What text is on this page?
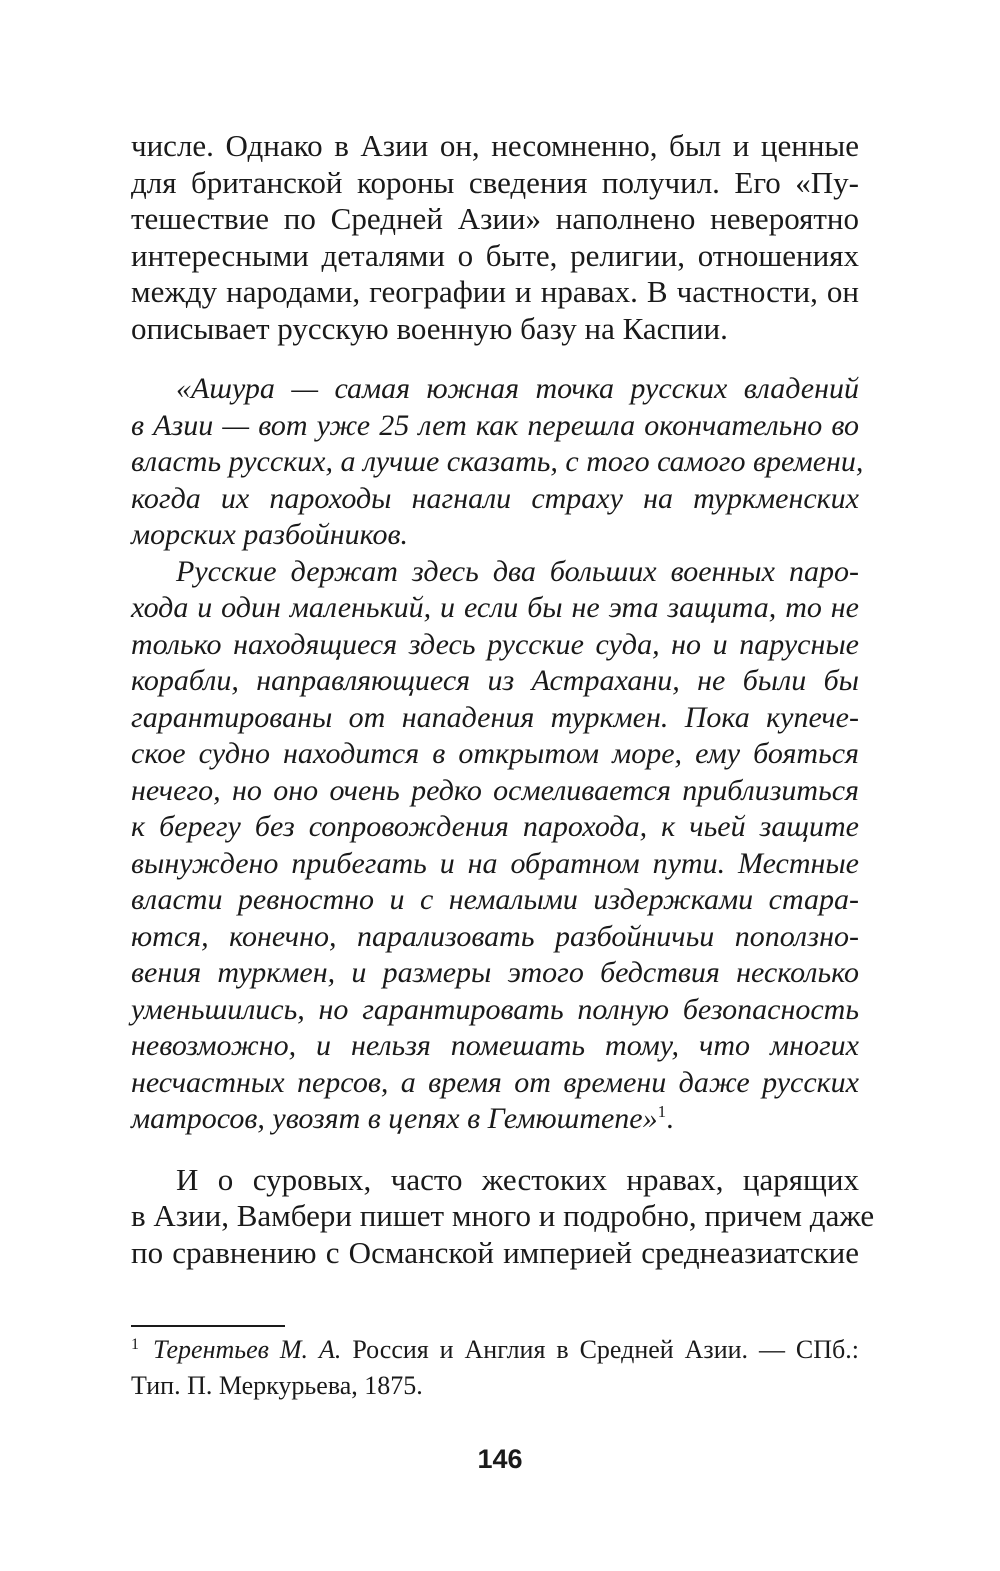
числе. Однако в Азии он, несомненно, был и ценные
для британской короны сведения получил. Его «Пу-
тешествие по Средней Азии» наполнено невероятно
интересными деталями о быте, религии, отношениях
между народами, географии и нравах. В частности, он
описывает русскую военную базу на Каспии.
«Ашура — самая южная точка русских владений
в Азии — вот уже 25 лет как перешла окончательно во
власть русских, а лучше сказать, с того самого времени,
когда их пароходы нагнали страху на туркменских
морских разбойников.
Русские держат здесь два больших военных паро-
хода и один маленький, и если бы не эта защита, то не
только находящиеся здесь русские суда, но и парусные
корабли, направляющиеся из Астрахани, не были бы
гарантированы от нападения туркмен. Пока купече-
ское судно находится в открытом море, ему бояться
нечего, но оно очень редко осмеливается приблизиться
к берегу без сопровождения парохода, к чьей защите
вынуждено прибегать и на обратном пути. Местные
власти ревностно и с немалыми издержками стара-
ются, конечно, парализовать разбойничьи поползно-
вения туркмен, и размеры этого бедствия несколько
уменьшились, но гарантировать полную безопасность
невозможно, и нельзя помешать тому, что многих
несчастных персов, а время от времени даже русских
матросов, увозят в цепях в Гемюштепе»$^1$.
И о суровых, часто жестоких нравах, царящих
в Азии, Вамбери пишет много и подробно, причем даже
по сравнению с Османской империей среднеазиатские
$^1$ Терентьев М. А. Россия и Англия в Средней Азии. — СПб.:
Тип. П. Меркурьева, 1875.
146
